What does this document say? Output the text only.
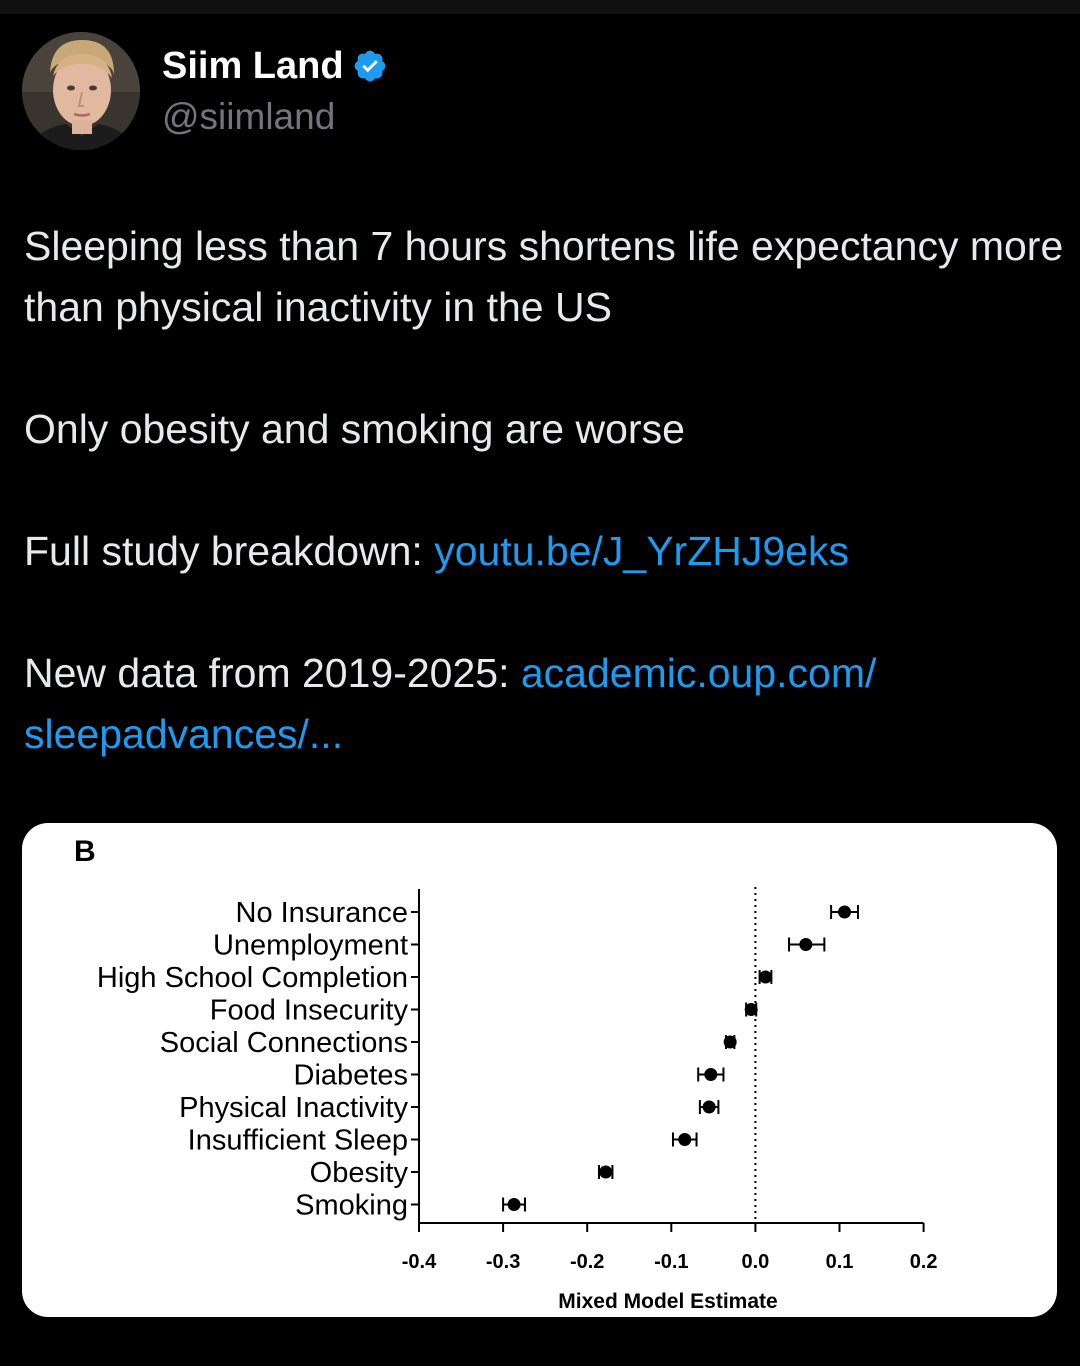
Siim Land
@siimland

Sleeping less than 7 hours shortens life expectancy more than physical inactivity in the US

Only obesity and smoking are worse

Full study breakdown: youtu.be/J_YrZHJ9eks

New data from 2019-2025: academic.oup.com/
sleepadvances/...

B
-0.4 -0.3 -0.2 -0.1	0.0	0.1	0.2
Mixed Model Estimate
No Insurance
Unemployment
High School Completion
Food Insecurity
Social Connections
Diabetes
Physical Inactivity
Insufficient Sleep
Obesity
Smoking
